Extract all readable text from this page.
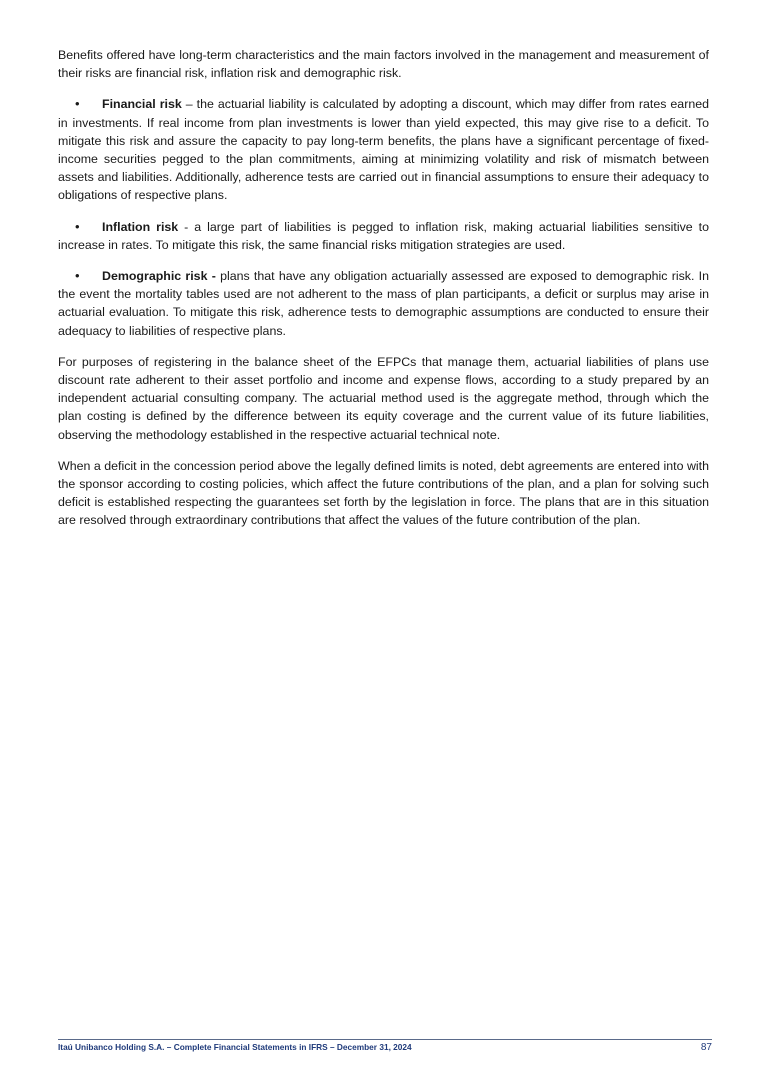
Benefits offered have long-term characteristics and the main factors involved in the management and measurement of their risks are financial risk, inflation risk and demographic risk.

• Financial risk – the actuarial liability is calculated by adopting a discount, which may differ from rates earned in investments. If real income from plan investments is lower than yield expected, this may give rise to a deficit. To mitigate this risk and assure the capacity to pay long-term benefits, the plans have a significant percentage of fixed-income securities pegged to the plan commitments, aiming at minimizing volatility and risk of mismatch between assets and liabilities. Additionally, adherence tests are carried out in financial assumptions to ensure their adequacy to obligations of respective plans.
• Inflation risk - a large part of liabilities is pegged to inflation risk, making actuarial liabilities sensitive to increase in rates. To mitigate this risk, the same financial risks mitigation strategies are used.
• Demographic risk - plans that have any obligation actuarially assessed are exposed to demographic risk. In the event the mortality tables used are not adherent to the mass of plan participants, a deficit or surplus may arise in actuarial evaluation. To mitigate this risk, adherence tests to demographic assumptions are conducted to ensure their adequacy to liabilities of respective plans.

For purposes of registering in the balance sheet of the EFPCs that manage them, actuarial liabilities of plans use discount rate adherent to their asset portfolio and income and expense flows, according to a study prepared by an independent actuarial consulting company. The actuarial method used is the aggregate method, through which the plan costing is defined by the difference between its equity coverage and the current value of its future liabilities, observing the methodology established in the respective actuarial technical note.

When a deficit in the concession period above the legally defined limits is noted, debt agreements are entered into with the sponsor according to costing policies, which affect the future contributions of the plan, and a plan for solving such deficit is established respecting the guarantees set forth by the legislation in force. The plans that are in this situation are resolved through extraordinary contributions that affect the values of the future contribution of the plan.

Itaú Unibanco Holding S.A. – Complete Financial Statements in IFRS – December 31, 2024	87
